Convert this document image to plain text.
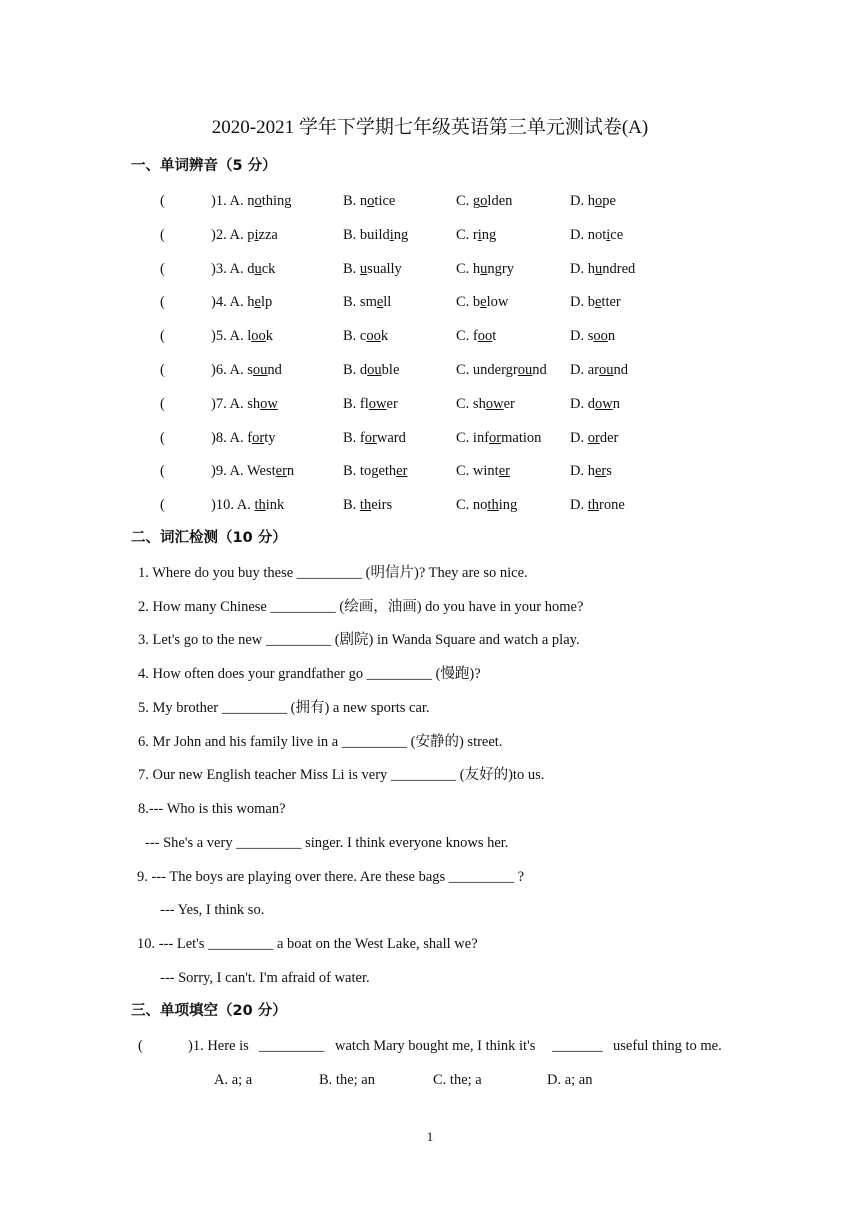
2020-2021 学年下学期七年级英语第三单元测试卷(A)
一、单词辨音（5 分）
(	)1. A. nothing	B. notice	C. golden	D. hope
(	)2. A. pizza	B. building	C. ring	D. notice
(	)3. A. duck	B. usually	C. hungry	D. hundred
(	)4. A. help	B. smell	C. below	D. better
(	)5. A. look	B. cook	C. foot	D. soon
(	)6. A. sound	B. double	C. underground D. around
(	)7. A. show	B. flower	C. shower	D. down
(	)8. A. forty	B. forward	C. information D. order
(	)9. A. Western	B. together	C. winter	D. hers
(	)10. A. think	B. theirs	C. nothing	D. throne
二、词汇检测（10 分）
1. Where do you buy these _________ (明信片)? They are so nice.
2. How many Chinese _________ (绘画，油画) do you have in your home?
3. Let's go to the new _________ (剧院) in Wanda Square and watch a play.
4. How often does your grandfather go _________ (慢跑)?
5. My brother _________ (拥有) a new sports car.
6. Mr John and his family live in a _________ (安静的) street.
7. Our new English teacher Miss Li is very _________ (友好的)to us.
8.--- Who is this woman?
--- She's a very _________ singer. I think everyone knows her.
9. --- The boys are playing over there. Are these bags _________ ?
--- Yes, I think so.
10. --- Let's _________ a boat on the West Lake, shall we?
--- Sorry, I can't. I'm afraid of water.
三、单项填空（20 分）
(	)1. Here is _________ watch Mary bought me, I think it's _______ useful thing to me.
A. a; a	B. the; an	C. the; a	D. a; an
1
